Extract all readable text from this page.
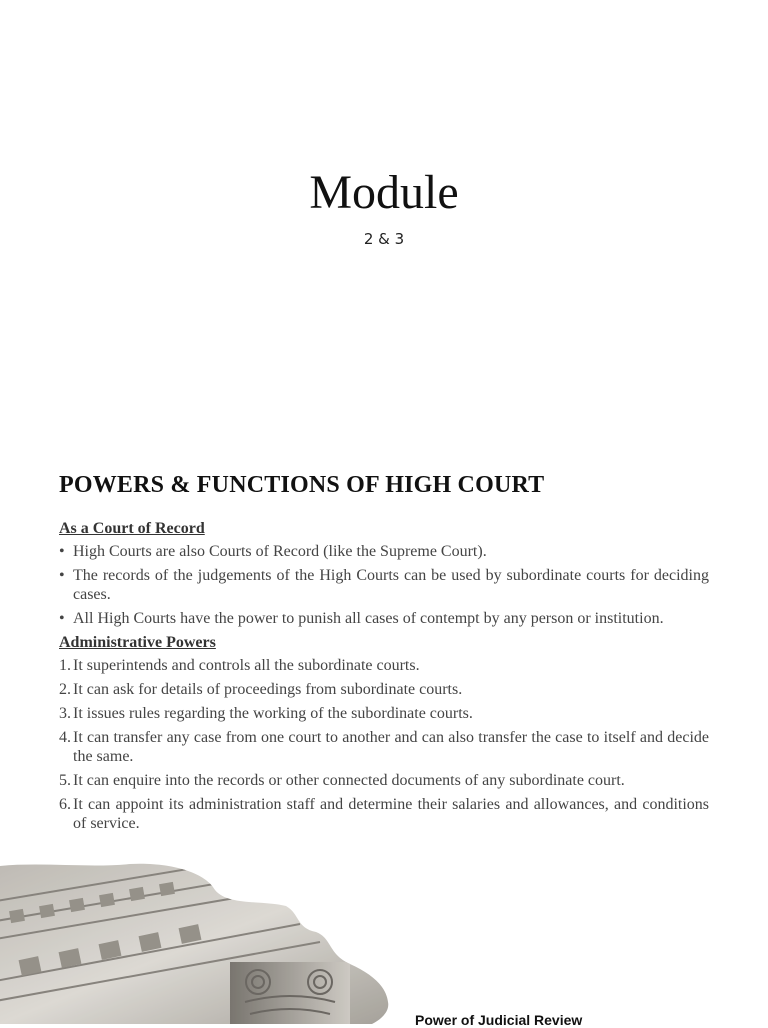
Module
2 & 3
POWERS & FUNCTIONS OF HIGH COURT
As a Court of Record
• High Courts are also Courts of Record (like the Supreme Court).
• The records of the judgements of the High Courts can be used by subordinate courts for deciding cases.
• All High Courts have the power to punish all cases of contempt by any person or institution.
Administrative Powers
1. It superintends and controls all the subordinate courts.
2. It can ask for details of proceedings from subordinate courts.
3. It issues rules regarding the working of the subordinate courts.
4. It can transfer any case from one court to another and can also transfer the case to itself and decide the same.
5. It can enquire into the records or other connected documents of any subordinate court.
6. It can appoint its administration staff and determine their salaries and allowances, and conditions of service.
Power of Judicial Review
